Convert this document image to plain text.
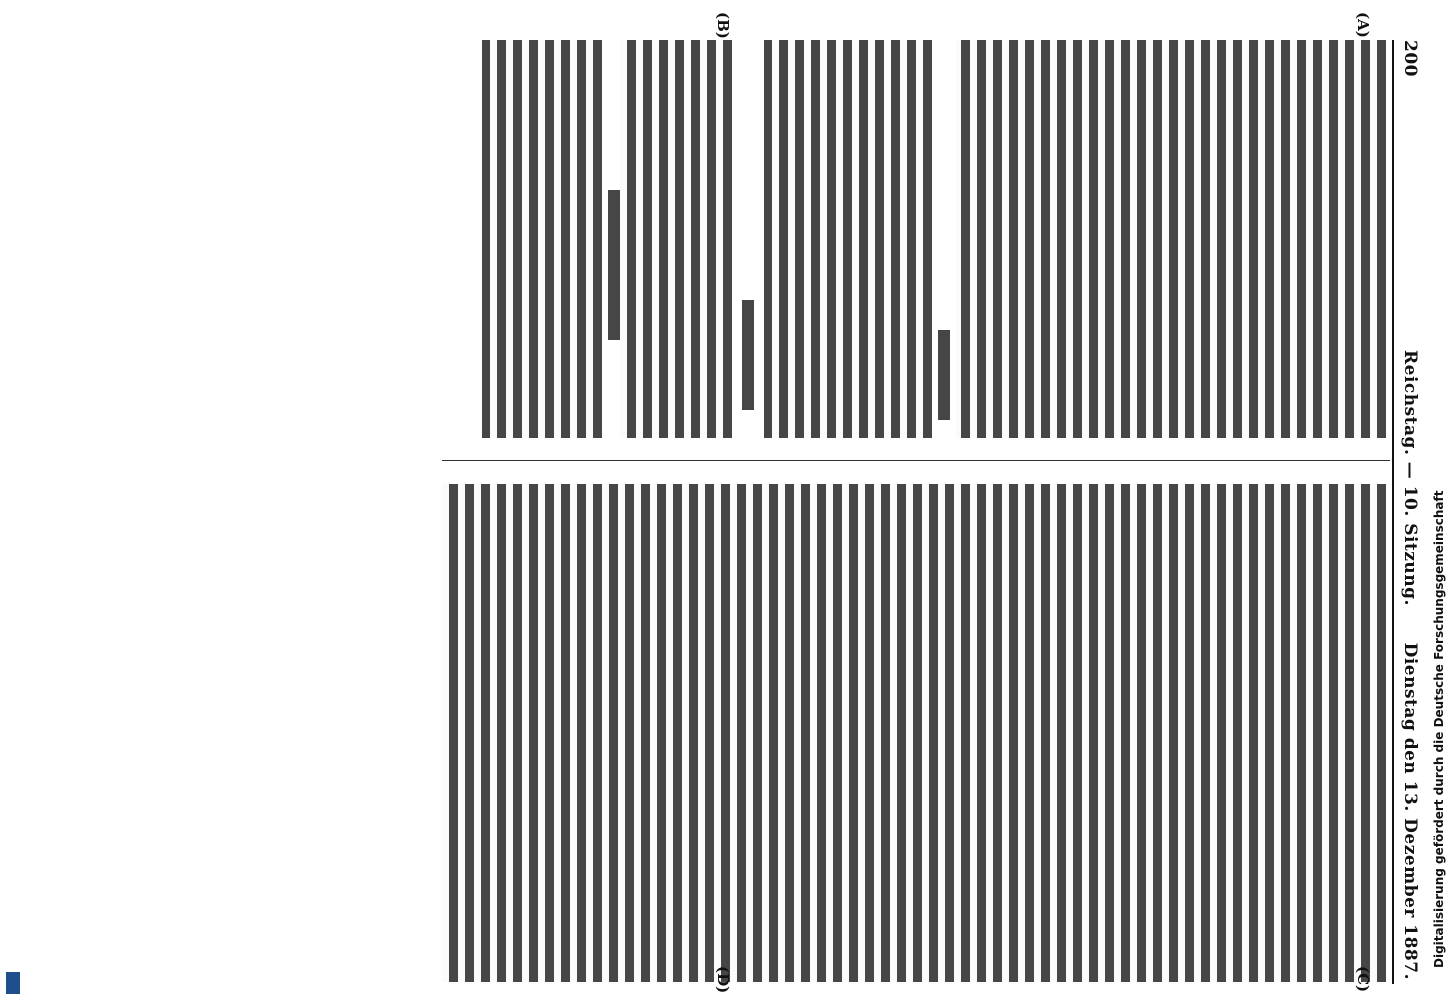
200
Reichstag. — 10. Sitzung.
Dienstag den 13. Dezember 1887.
(A)
(B)
(C)
(D)
Digitalisierung gefördert durch die Deutsche Forschungsgemeinschaft
